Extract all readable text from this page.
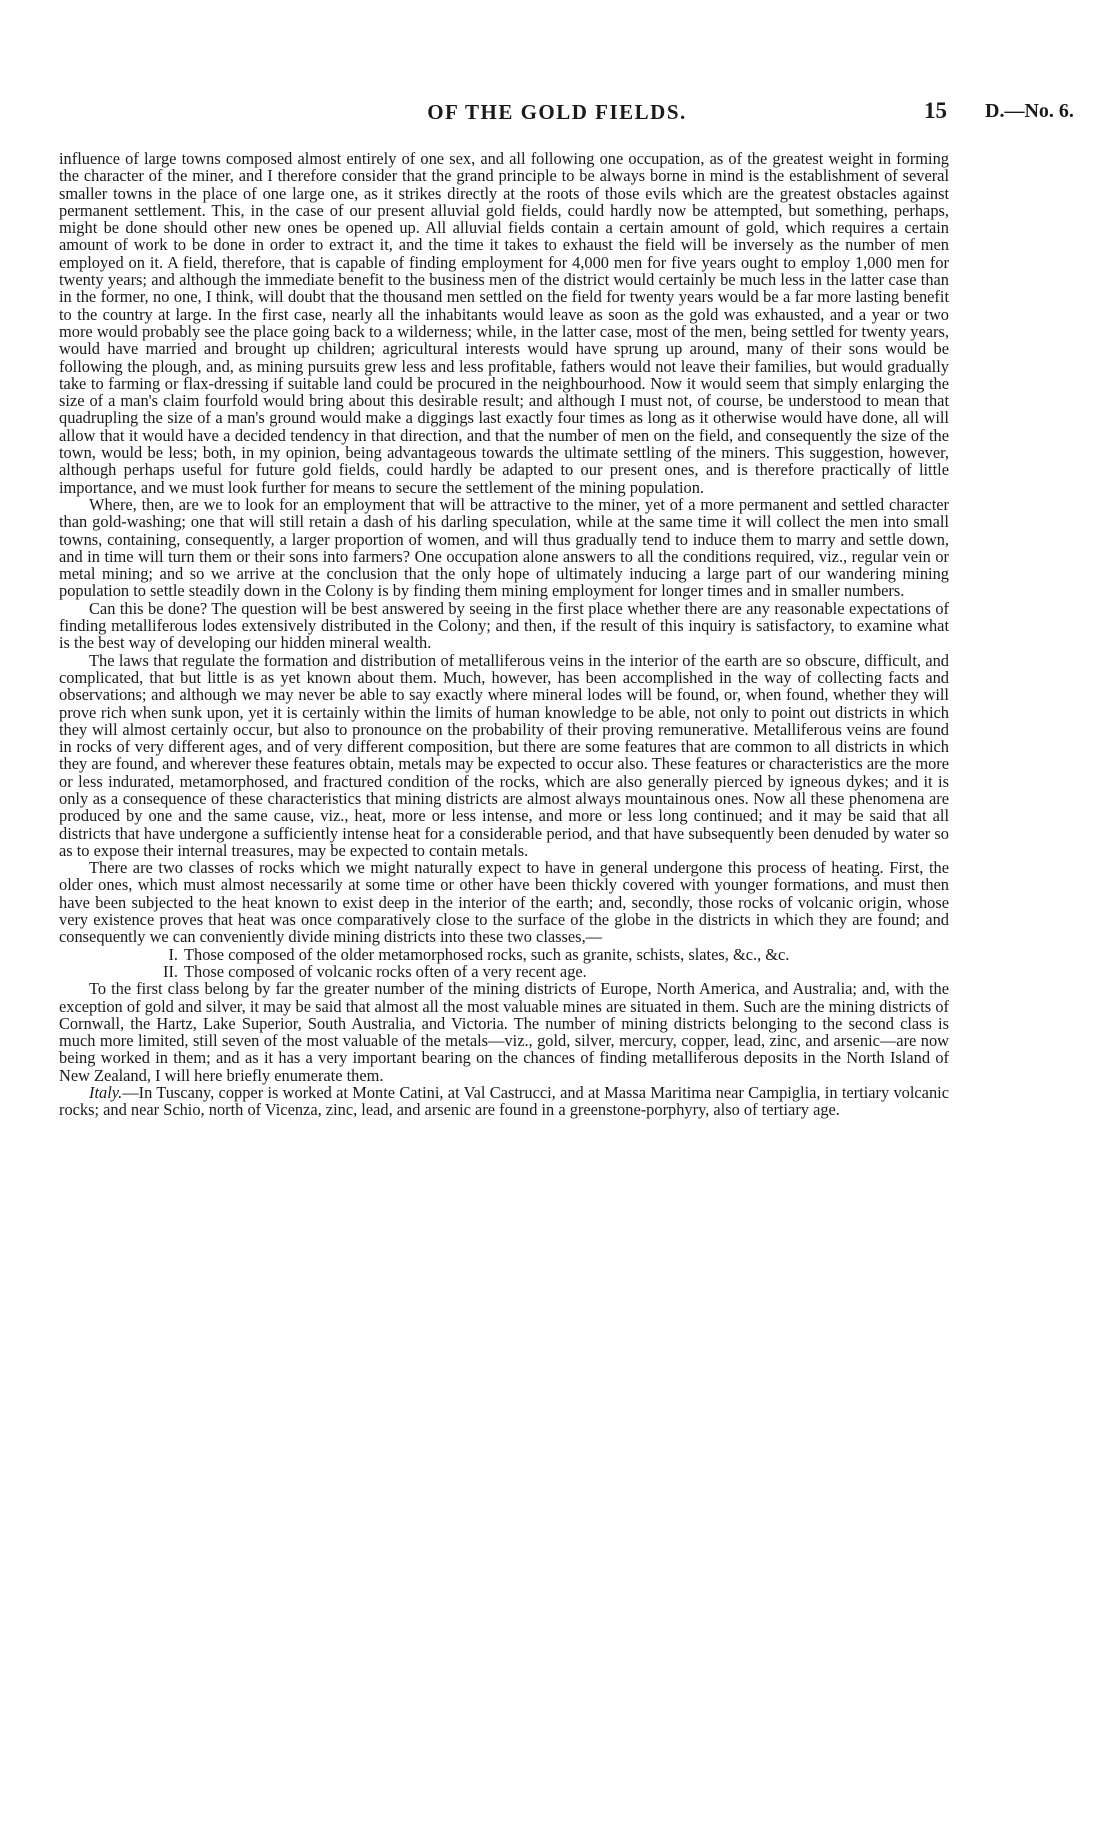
OF THE GOLD FIELDS.	15 D.—No. 6.

influence of large towns composed almost entirely of one sex, and all following one occupation, as of the greatest weight in forming the character of the miner, and I therefore consider that the grand principle to be always borne in mind is the establishment of several smaller towns in the place of one large one, as it strikes directly at the roots of those evils which are the greatest obstacles against permanent settlement. This, in the case of our present alluvial gold fields, could hardly now be attempted, but something, perhaps, might be done should other new ones be opened up. All alluvial fields contain a certain amount of gold, which requires a certain amount of work to be done in order to extract it, and the time it takes to exhaust the field will be inversely as the number of men employed on it. A field, therefore, that is capable of finding employment for 4,000 men for five years ought to employ 1,000 men for twenty years; and although the immediate benefit to the business men of the district would certainly be much less in the latter case than in the former, no one, I think, will doubt that the thousand men settled on the field for twenty years would be a far more lasting benefit to the country at large. In the first case, nearly all the inhabitants would leave as soon as the gold was exhausted, and a year or two more would probably see the place going back to a wilderness; while, in the latter case, most of the men, being settled for twenty years, would have married and brought up children; agricultural interests would have sprung up around, many of their sons would be following the plough, and, as mining pursuits grew less and less profitable, fathers would not leave their families, but would gradually take to farming or flax-dressing if suitable land could be procured in the neighbourhood. Now it would seem that simply enlarging the size of a man's claim fourfold would bring about this desirable result; and although I must not, of course, be understood to mean that quadrupling the size of a man's ground would make a diggings last exactly four times as long as it otherwise would have done, all will allow that it would have a decided tendency in that direction, and that the number of men on the field, and consequently the size of the town, would be less; both, in my opinion, being advantageous towards the ultimate settling of the miners. This suggestion, however, although perhaps useful for future gold fields, could hardly be adapted to our present ones, and is therefore practically of little importance, and we must look further for means to secure the settlement of the mining population.

Where, then, are we to look for an employment that will be attractive to the miner, yet of a more permanent and settled character than gold-washing; one that will still retain a dash of his darling speculation, while at the same time it will collect the men into small towns, containing, consequently, a larger proportion of women, and will thus gradually tend to induce them to marry and settle down, and in time will turn them or their sons into farmers? One occupation alone answers to all the conditions required, viz., regular vein or metal mining; and so we arrive at the conclusion that the only hope of ultimately inducing a large part of our wandering mining population to settle steadily down in the Colony is by finding them mining employment for longer times and in smaller numbers.

Can this be done? The question will be best answered by seeing in the first place whether there are any reasonable expectations of finding metalliferous lodes extensively distributed in the Colony; and then, if the result of this inquiry is satisfactory, to examine what is the best way of developing our hidden mineral wealth.

The laws that regulate the formation and distribution of metalliferous veins in the interior of the earth are so obscure, difficult, and complicated, that but little is as yet known about them. Much, however, has been accomplished in the way of collecting facts and observations; and although we may never be able to say exactly where mineral lodes will be found, or, when found, whether they will prove rich when sunk upon, yet it is certainly within the limits of human knowledge to be able, not only to point out districts in which they will almost certainly occur, but also to pronounce on the probability of their proving remunerative. Metalliferous veins are found in rocks of very different ages, and of very different composition, but there are some features that are common to all districts in which they are found, and wherever these features obtain, metals may be expected to occur also. These features or characteristics are the more or less indurated, metamorphosed, and fractured condition of the rocks, which are also generally pierced by igneous dykes; and it is only as a consequence of these characteristics that mining districts are almost always mountainous ones. Now all these phenomena are produced by one and the same cause, viz., heat, more or less intense, and more or less long continued; and it may be said that all districts that have undergone a sufficiently intense heat for a considerable period, and that have subsequently been denuded by water so as to expose their internal treasures, may be expected to contain metals.

There are two classes of rocks which we might naturally expect to have in general undergone this process of heating. First, the older ones, which must almost necessarily at some time or other have been thickly covered with younger formations, and must then have been subjected to the heat known to exist deep in the interior of the earth; and, secondly, those rocks of volcanic origin, whose very existence proves that heat was once comparatively close to the surface of the globe in the districts in which they are found; and consequently we can conveniently divide mining districts into these two classes,—

I. Those composed of the older metamorphosed rocks, such as granite, schists, slates, &c., &c.
II. Those composed of volcanic rocks often of a very recent age.

To the first class belong by far the greater number of the mining districts of Europe, North America, and Australia; and, with the exception of gold and silver, it may be said that almost all the most valuable mines are situated in them. Such are the mining districts of Cornwall, the Hartz, Lake Superior, South Australia, and Victoria. The number of mining districts belonging to the second class is much more limited, still seven of the most valuable of the metals—viz., gold, silver, mercury, copper, lead, zinc, and arsenic—are now being worked in them; and as it has a very important bearing on the chances of finding metalliferous deposits in the North Island of New Zealand, I will here briefly enumerate them.

Italy.—In Tuscany, copper is worked at Monte Catini, at Val Castrucci, and at Massa Maritima near Campiglia, in tertiary volcanic rocks; and near Schio, north of Vicenza, zinc, lead, and arsenic are found in a greenstone-porphyry, also of tertiary age.
